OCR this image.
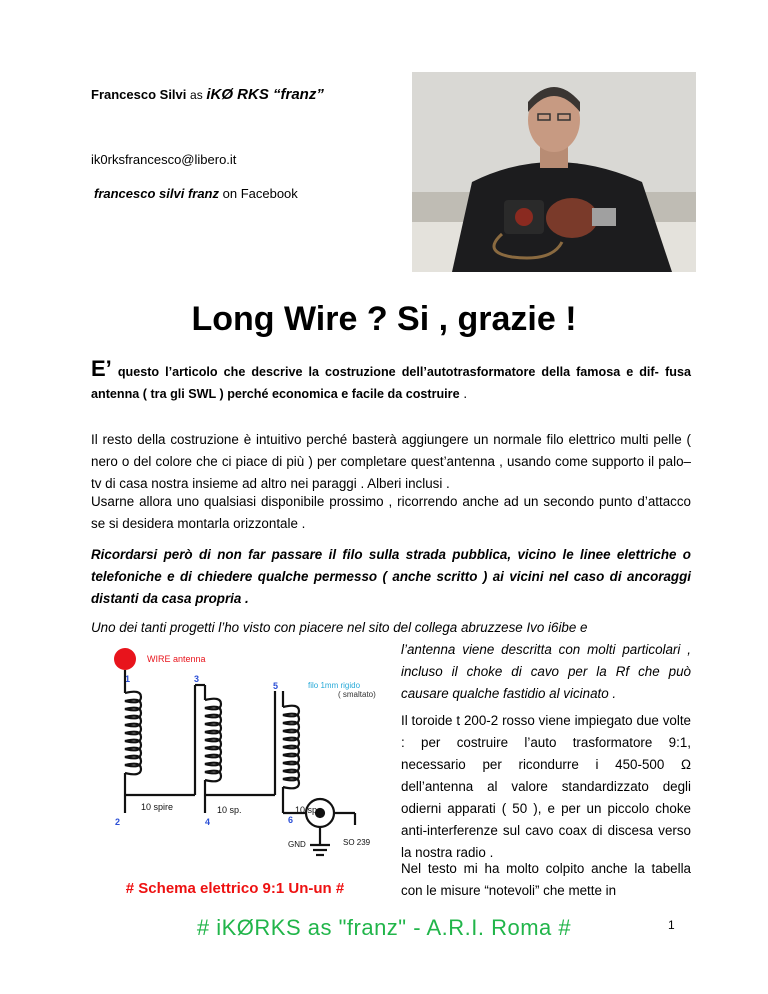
Francesco Silvi as iKØ RKS “franz”
ik0rksfrancesco@libero.it
francesco silvi franz on Facebook
Long Wire ? Si , grazie !

E’ questo l’articolo che descrive la costruzione dell’autotrasformatore della famosa e dif- fusa antenna ( tra gli SWL ) perché economica e facile da costruire .

Il resto della costruzione è intuitivo perché basterà aggiungere un normale filo elettrico multi pelle ( nero o del colore che ci piace di più ) per completare quest’antenna , usando come supporto il palo–tv di casa nostra insieme ad altro nei paraggi . Alberi inclusi .

Usarne allora uno qualsiasi disponibile prossimo , ricorrendo anche ad un secondo punto d’attacco se si desidera montarla orizzontale .

Ricordarsi però di non far passare il filo sulla strada pubblica, vicino le linee elettriche o telefoniche e di chiedere qualche permesso ( anche scritto ) ai vicini nel caso di ancoraggi distanti da casa propria .

Uno dei tanti progetti l’ho visto con piacere nel sito del collega abruzzese Ivo i6ibe e

l’antenna viene descritta con molti particolari , incluso il choke di cavo per la Rf che può causare qualche fastidio al vicinato .

Il toroide t 200-2 rosso viene impiegato due volte : per costruire l’auto trasformatore 9:1, necessario per ricondurre i 450-500 Ω dell’antenna al valore standardizzato degli odierni apparati ( 50 ), e per un piccolo choke anti-interferenze sul cavo coax di discesa verso la nostra radio .

Nel testo mi ha molto colpito anche la tabella con le misure “notevoli” che mette in

WIRE antenna
filo 1mm rigido
( smaltato)
1	3
5
2	4	6
10 spire	10 sp.	10 sp.
GND	SO 239
# Schema elettrico 9:1 Un-un #
# iKØRKS as "franz" - A.R.I. Roma #	1
